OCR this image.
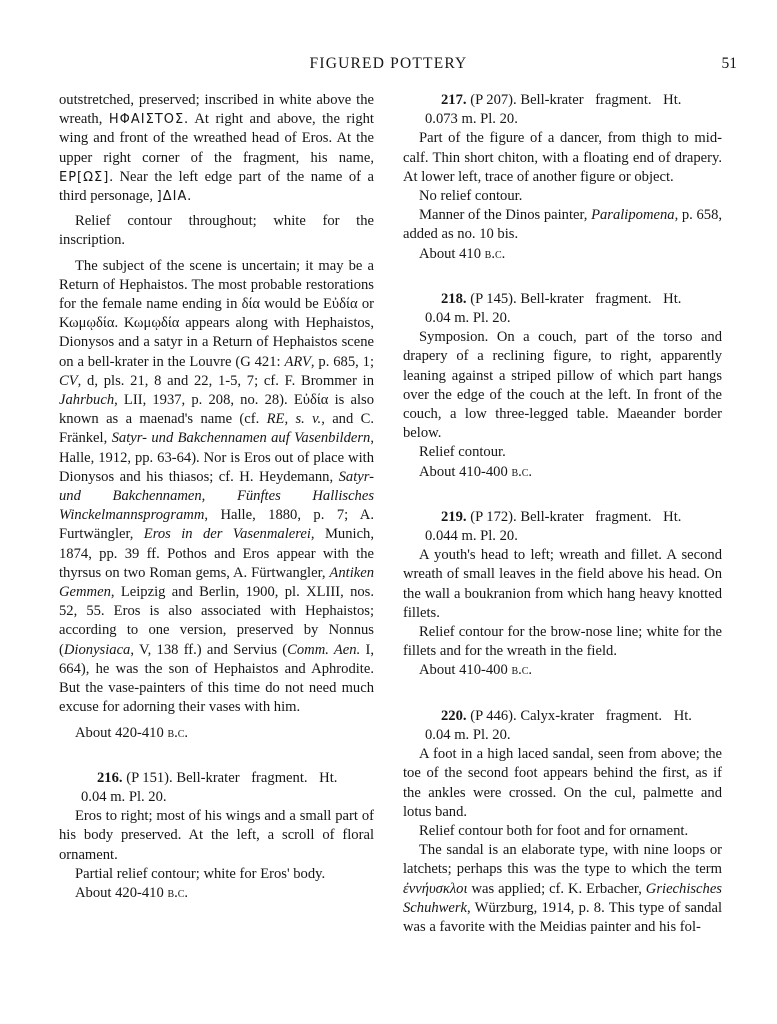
FIGURED POTTERY	51

outstretched, preserved; inscribed in white above the wreath, ΗΦΑΙΣΤΟΣ. At right and above, the right wing and front of the wreathed head of Eros. At the upper right corner of the fragment, his name, ΕΡ[ΩΣ]. Near the left edge part of the name of a third personage, ]ΔΙΑ.

Relief contour throughout; white for the inscription.

The subject of the scene is uncertain; it may be a Return of Hephaistos. The most probable restorations for the female name ending in δία would be Εὐδία or Κωμῳδία. Κωμῳδία appears along with Hephaistos, Dionysos and a satyr in a Return of Hephaistos scene on a bell-krater in the Louvre (G 421: ARV, p. 685, 1; CV, d, pls. 21, 8 and 22, 1-5, 7; cf. F. Brommer in Jahrbuch, LII, 1937, p. 208, no. 28). Εὐδία is also known as a maenad's name (cf. RE, s. v., and C. Fränkel, Satyr- und Bakchennamen auf Vasenbildern, Halle, 1912, pp. 63-64). Nor is Eros out of place with Dionysos and his thiasos; cf. H. Heydemann, Satyr- und Bakchennamen, Fünftes Hallisches Winckelmannsprogramm, Halle, 1880, p. 7; A. Furtwängler, Eros in der Vasenmalerei, Munich, 1874, pp. 39 ff. Pothos and Eros appear with the thyrsus on two Roman gems, A. Fürtwangler, Antiken Gemmen, Leipzig and Berlin, 1900, pl. XLIII, nos. 52, 55. Eros is also associated with Hephaistos; according to one version, preserved by Nonnus (Dionysiaca, V, 138 ff.) and Servius (Comm. Aen. I, 664), he was the son of Hephaistos and Aphrodite. But the vase-painters of this time do not need much excuse for adorning their vases with him.

About 420-410 b.c.

216. (P 151). Bell-krater fragment. Ht.
0.04 m. Pl. 20.

Eros to right; most of his wings and a small part of his body preserved. At the left, a scroll of floral ornament.

Partial relief contour; white for Eros' body.

About 420-410 b.c.

217. (P 207). Bell-krater fragment. Ht.
0.073 m. Pl. 20.

Part of the figure of a dancer, from thigh to mid-calf. Thin short chiton, with a floating end of drapery. At lower left, trace of another figure or object.

No relief contour.

Manner of the Dinos painter, Paralipomena, p. 658, added as no. 10 bis.

About 410 b.c.

218. (P 145). Bell-krater fragment. Ht.
0.04 m. Pl. 20.

Symposion. On a couch, part of the torso and drapery of a reclining figure, to right, apparently leaning against a striped pillow of which part hangs over the edge of the couch at the left. In front of the couch, a low three-legged table. Maeander border below.

Relief contour.

About 410-400 b.c.

219. (P 172). Bell-krater fragment. Ht.
0.044 m. Pl. 20.

A youth's head to left; wreath and fillet. A second wreath of small leaves in the field above his head. On the wall a boukranion from which hang heavy knotted fillets.

Relief contour for the brow-nose line; white for the fillets and for the wreath in the field.

About 410-400 b.c.

220. (P 446). Calyx-krater fragment. Ht.
0.04 m. Pl. 20.

A foot in a high laced sandal, seen from above; the toe of the second foot appears behind the first, as if the ankles were crossed. On the cul, palmette and lotus band.

Relief contour both for foot and for ornament.

The sandal is an elaborate type, with nine loops or latchets; perhaps this was the type to which the term ἐννήυσκλοι was applied; cf. K. Erbacher, Griechisches Schuhwerk, Würzburg, 1914, p. 8. This type of sandal was a favorite with the Meidias painter and his fol-
